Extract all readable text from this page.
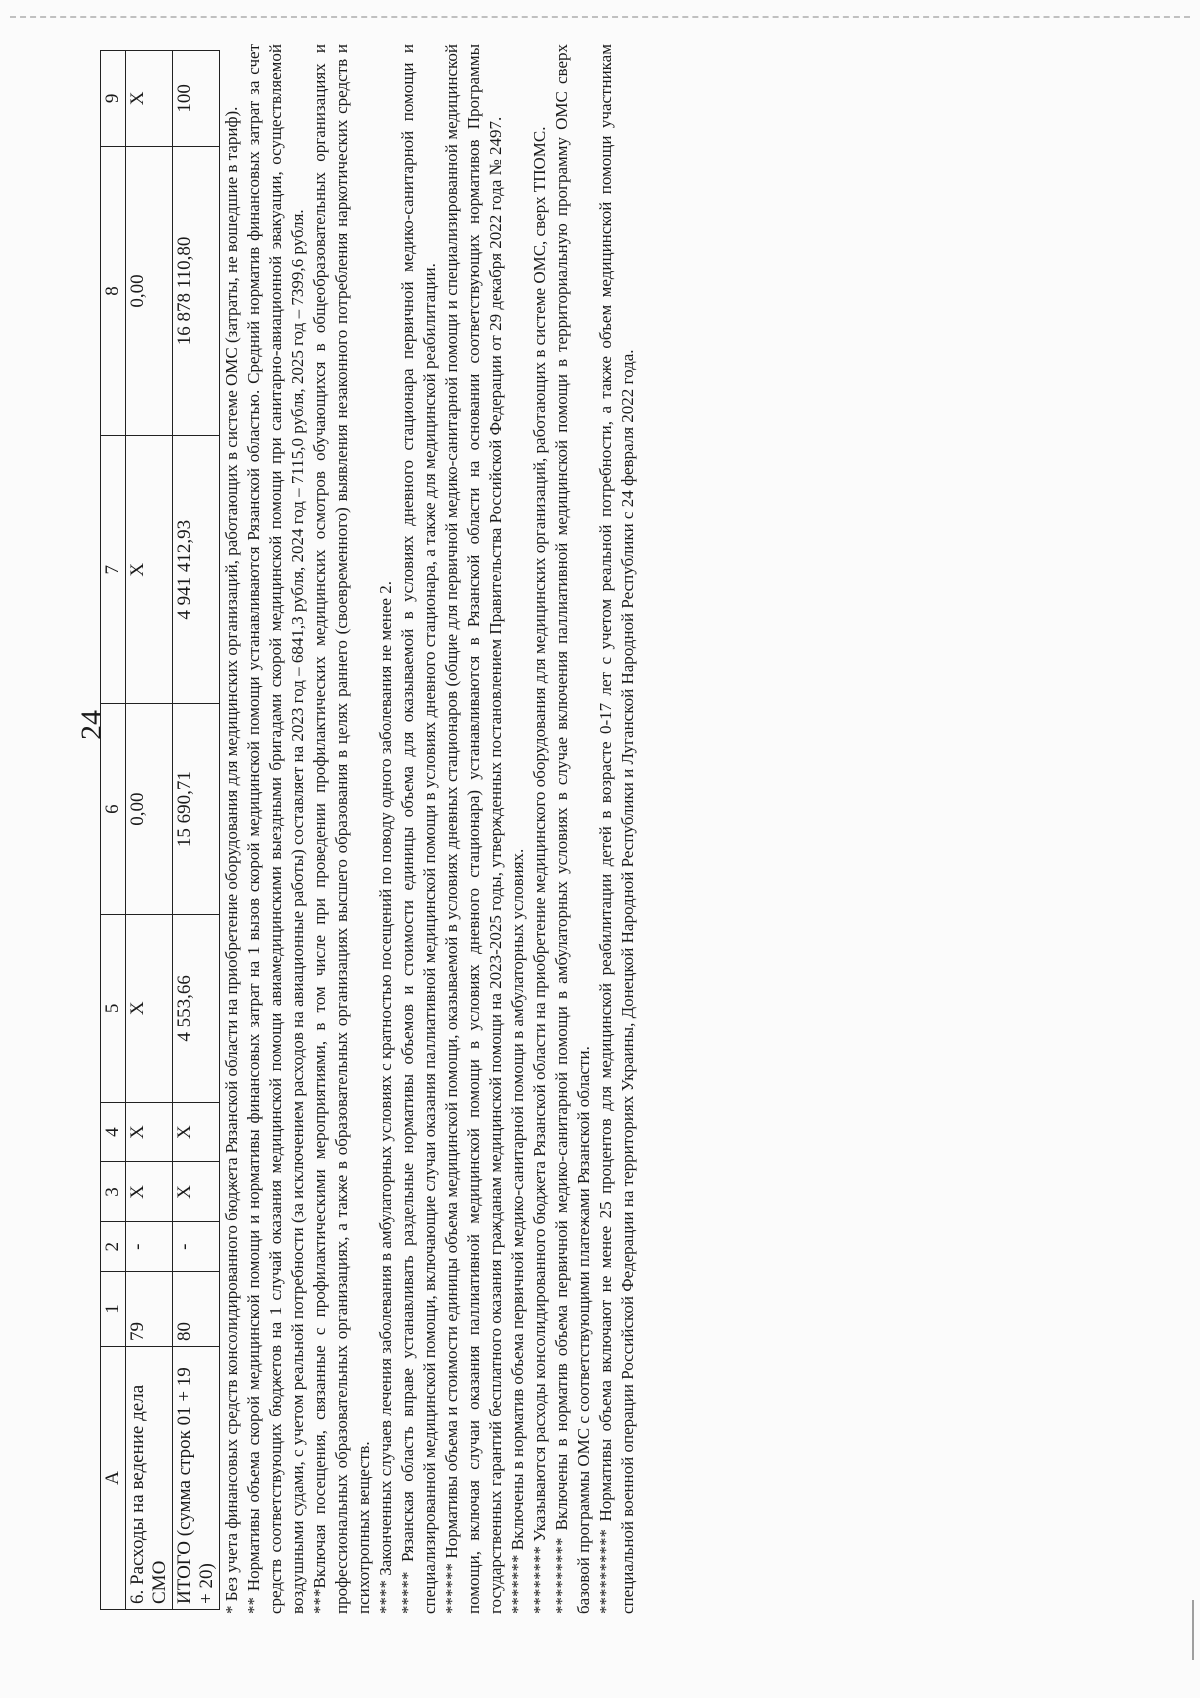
24
А	1	2	3	4	5	6	7	8	9
6. Расходы на ведение дела СМО	79	-	X	X	X	0,00	X	0,00	X
ИТОГО (сумма строк 01 + 19 + 20)	80	-	X	X	4 553,66	15 690,71	4 941 412,93	16 878 110,80	100

* Без учета финансовых средств консолидированного бюджета Рязанской области на приобретение оборудования для медицинских организаций, работающих в системе ОМС (затраты, не вошедшие в тариф). ** Нормативы объема скорой медицинской помощи и нормативы финансовых затрат на 1 вызов скорой медицинской помощи устанавливаются Рязанской областью. Средний норматив финансовых затрат за счет средств соответствующих бюджетов на 1 случай оказания медицинской помощи авиамедицинскими выездными бригадами скорой медицинской помощи при санитарно-авиационной эвакуации, осуществляемой воздушными судами, с учетом реальной потребности (за исключением расходов на авиационные работы) составляет на 2023 год – 6841,3 рубля, 2024 год – 7115,0 рубля, 2025 год – 7399,6 рубля. ***Включая посещения, связанные с профилактическими мероприятиями, в том числе при проведении профилактических медицинских осмотров обучающихся в общеобразовательных организациях и профессиональных образовательных организациях, а также в образовательных организациях высшего образования в целях раннего (своевременного) выявления незаконного потребления наркотических средств и психотропных веществ. **** Законченных случаев лечения заболевания в амбулаторных условиях с кратностью посещений по поводу одного заболевания не менее 2. ***** Рязанская область вправе устанавливать раздельные нормативы объемов и стоимости единицы объема для оказываемой в условиях дневного стационара первичной медико-санитарной помощи и специализированной медицинской помощи, включающие случаи оказания паллиативной медицинской помощи в условиях дневного стационара, а также для медицинской реабилитации. ****** Нормативы объема и стоимости единицы объема медицинской помощи, оказываемой в условиях дневных стационаров (общие для первичной медико-санитарной помощи и специализированной медицинской помощи, включая случаи оказания паллиативной медицинской помощи в условиях дневного стационара) устанавливаются в Рязанской области на основании соответствующих нормативов Программы государственных гарантий бесплатного оказания гражданам медицинской помощи на 2023-2025 годы, утвержденных постановлением Правительства Российской Федерации от 29 декабря 2022 года № 2497. ******* Включены в норматив объема первичной медико-санитарной помощи в амбулаторных условиях. ******** Указываются расходы консолидированного бюджета Рязанской области на приобретение медицинского оборудования для медицинских организаций, работающих в системе ОМС, сверх ТПОМС. ********* Включены в норматив объема первичной медико-санитарной помощи в амбулаторных условиях в случае включения паллиативной медицинской помощи в территориальную программу ОМС сверх базовой программы ОМС с соответствующими платежами Рязанской области. ********** Нормативы объема включают не менее 25 процентов для медицинской реабилитации детей в возрасте 0-17 лет с учетом реальной потребности, а также объем медицинской помощи участникам специальной военной операции Российской Федерации на территориях Украины, Донецкой Народной Республики и Луганской Народной Республики с 24 февраля 2022 года.
